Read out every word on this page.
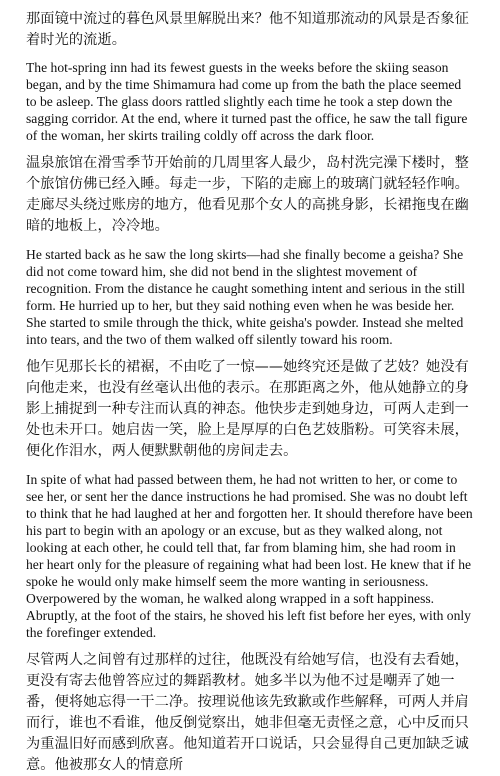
那面镜中流过的暮色风景里解脱出来？他不知道那流动的风景是否象征着时光的流逝。

The hot-spring inn had its fewest guests in the weeks before the skiing season began, and by the time Shimamura had come up from the bath the place seemed to be asleep. The glass doors rattled slightly each time he took a step down the sagging corridor. At the end, where it turned past the office, he saw the tall figure of the woman, her skirts trailing coldly off across the dark floor.

温泉旅馆在滑雪季节开始前的几周里客人最少，岛村洗完澡下楼时，整个旅馆仿佛已经入睡。每走一步，下陷的走廊上的玻璃门就轻轻作响。走廊尽头绕过账房的地方，他看见那个女人的高挑身影，长裙拖曳在幽暗的地板上，冷冷地。

He started back as he saw the long skirts—had she finally become a geisha? She did not come toward him, she did not bend in the slightest movement of recognition. From the distance he caught something intent and serious in the still form. He hurried up to her, but they said nothing even when he was beside her. She started to smile through the thick, white geisha's powder. Instead she melted into tears, and the two of them walked off silently toward his room.

他乍见那长长的裙裾，不由吃了一惊——她终究还是做了艺妓？她没有向他走来，也没有丝毫认出他的表示。在那距离之外，他从她静立的身影上捕捉到一种专注而认真的神态。他快步走到她身边，可两人走到一处也未开口。她启齿一笑，脸上是厚厚的白色艺妓脂粉。可笑容未展，便化作泪水，两人便默默朝他的房间走去。

In spite of what had passed between them, he had not written to her, or come to see her, or sent her the dance instructions he had promised. She was no doubt left to think that he had laughed at her and forgotten her. It should therefore have been his part to begin with an apology or an excuse, but as they walked along, not looking at each other, he could tell that, far from blaming him, she had room in her heart only for the pleasure of regaining what had been lost. He knew that if he spoke he would only make himself seem the more wanting in seriousness. Overpowered by the woman, he walked along wrapped in a soft happiness. Abruptly, at the foot of the stairs, he shoved his left fist before her eyes, with only the forefinger extended.

尽管两人之间曾有过那样的过往，他既没有给她写信，也没有去看她，更没有寄去他曾答应过的舞蹈教材。她多半以为他不过是嘲弄了她一番，便将她忘得一干二净。按理说他该先致歉或作些解释，可两人并肩而行，谁也不看谁，他反倒觉察出，她非但毫无责怪之意，心中反而只为重温旧好而感到欣喜。他知道若开口说话，只会显得自己更加缺乏诚意。他被那女人的情意所
